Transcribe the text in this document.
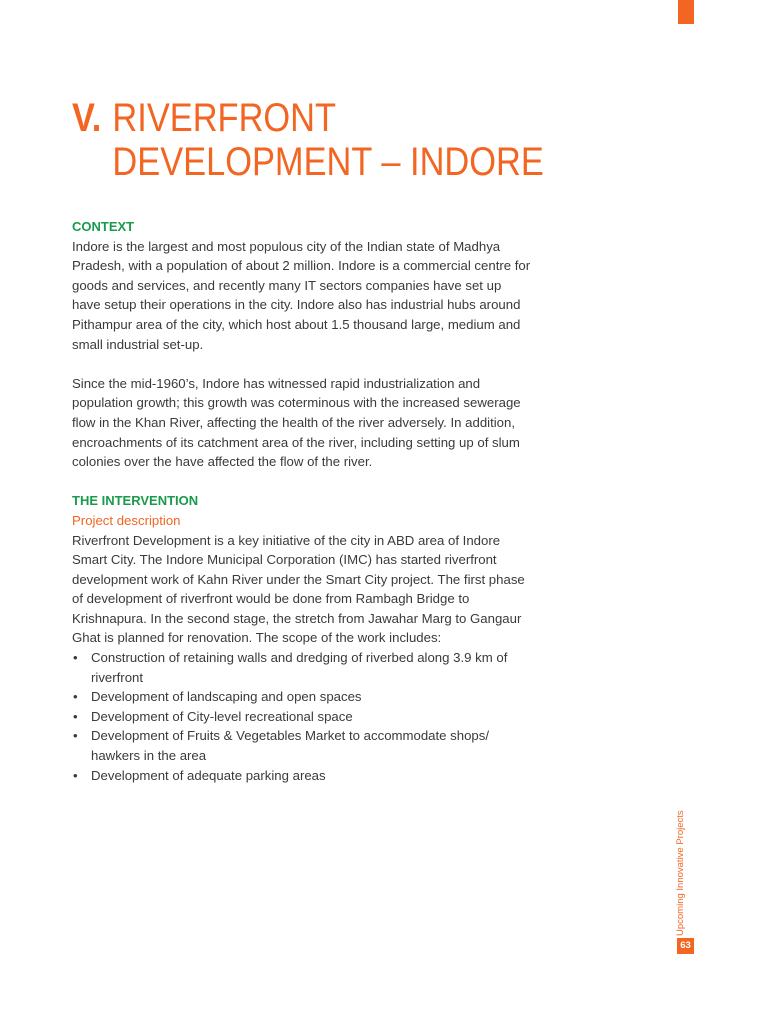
V. RIVERFRONT
DEVELOPMENT – INDORE
CONTEXT

Indore is the largest and most populous city of the Indian state of Madhya Pradesh, with a population of about 2 million. Indore is a commercial centre for goods and services, and recently many IT sectors companies have set up have setup their operations in the city. Indore also has industrial hubs around Pithampur area of the city, which host about 1.5 thousand large, medium and small industrial set-up.

Since the mid-1960’s, Indore has witnessed rapid industrialization and population growth; this growth was coterminous with the increased sewerage flow in the Khan River, affecting the health of the river adversely. In addition, encroachments of its catchment area of the river, including setting up of slum colonies over the have affected the flow of the river.

THE INTERVENTION

Project description

Riverfront Development is a key initiative of the city in ABD area of Indore Smart City. The Indore Municipal Corporation (IMC) has started riverfront development work of Kahn River under the Smart City project. The first phase of development of riverfront would be done from Rambagh Bridge to Krishnapura. In the second stage, the stretch from Jawahar Marg to Gangaur Ghat is planned for renovation. The scope of the work includes:

• Construction of retaining walls and dredging of riverbed along 3.9 km of riverfront
• Development of landscaping and open spaces
• Development of City-level recreational space
• Development of Fruits & Vegetables Market to accommodate shops/ hawkers in the area
• Development of adequate parking areas
Upcoming Innovative Projects
63
